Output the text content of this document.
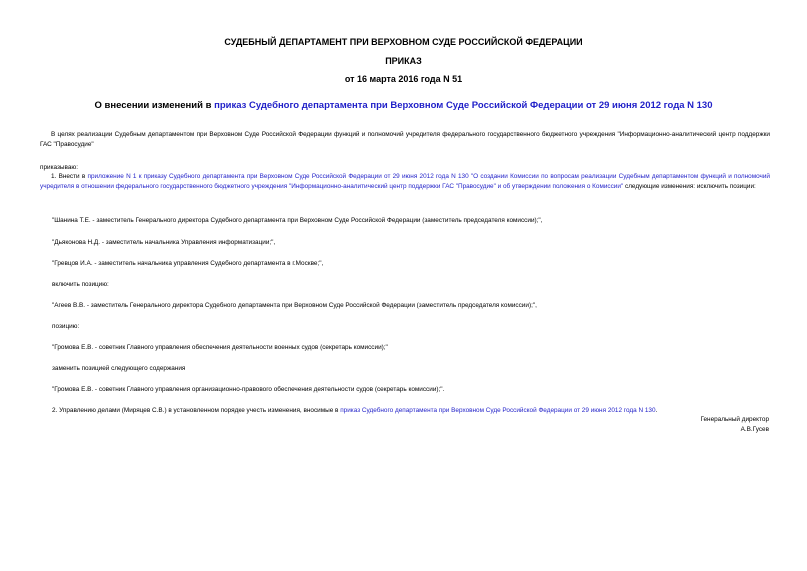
СУДЕБНЫЙ ДЕПАРТАМЕНТ ПРИ ВЕРХОВНОМ СУДЕ РОССИЙСКОЙ ФЕДЕРАЦИИ
ПРИКАЗ
от 16 марта 2016 года N 51
О внесении изменений в приказ Судебного департамента при Верховном Суде Российской Федерации от 29 июня 2012 года N 130
В целях реализации Судебным департаментом при Верховном Суде Российской Федерации функций и полномочий учредителя федерального государственного бюджетного учреждения "Информационно-аналитический центр поддержки ГАС "Правосудие"
приказываю:
1. Внести в приложение N 1 к приказу Судебного департамента при Верховном Суде Российской Федерации от 29 июня 2012 года N 130 "О создании Комиссии по вопросам реализации Судебным департаментом функций и полномочий учредителя в отношении федерального государственного бюджетного учреждения "Информационно-аналитический центр поддержки ГАС "Правосудие" и об утверждении положения о Комиссии" следующие изменения: исключить позиции:
"Шанина Т.Е. - заместитель Генерального директора Судебного департамента при Верховном Суде Российской Федерации (заместитель председателя комиссии);",
"Дьяконова Н.Д. - заместитель начальника Управления информатизации;",
"Гревцов И.А. - заместитель начальника управления Судебного департамента в г.Москве;",
включить позицию:
"Агеев В.В. - заместитель Генерального директора Судебного департамента при Верховном Суде Российской Федерации (заместитель председателя комиссии);",
позицию:
"Громова Е.В. - советник Главного управления обеспечения деятельности военных судов (секретарь комиссии);"
заменить позицией следующего содержания
"Громова Е.В. - советник Главного управления организационно-правового обеспечения деятельности судов (секретарь комиссии);".
2. Управлению делами (Миряцев С.В.) в установленном порядке учесть изменения, вносимые в приказ Судебного департамента при Верховном Суде Российской Федерации от 29 июня 2012 года N 130.
Генеральный директор
А.В.Гусев
